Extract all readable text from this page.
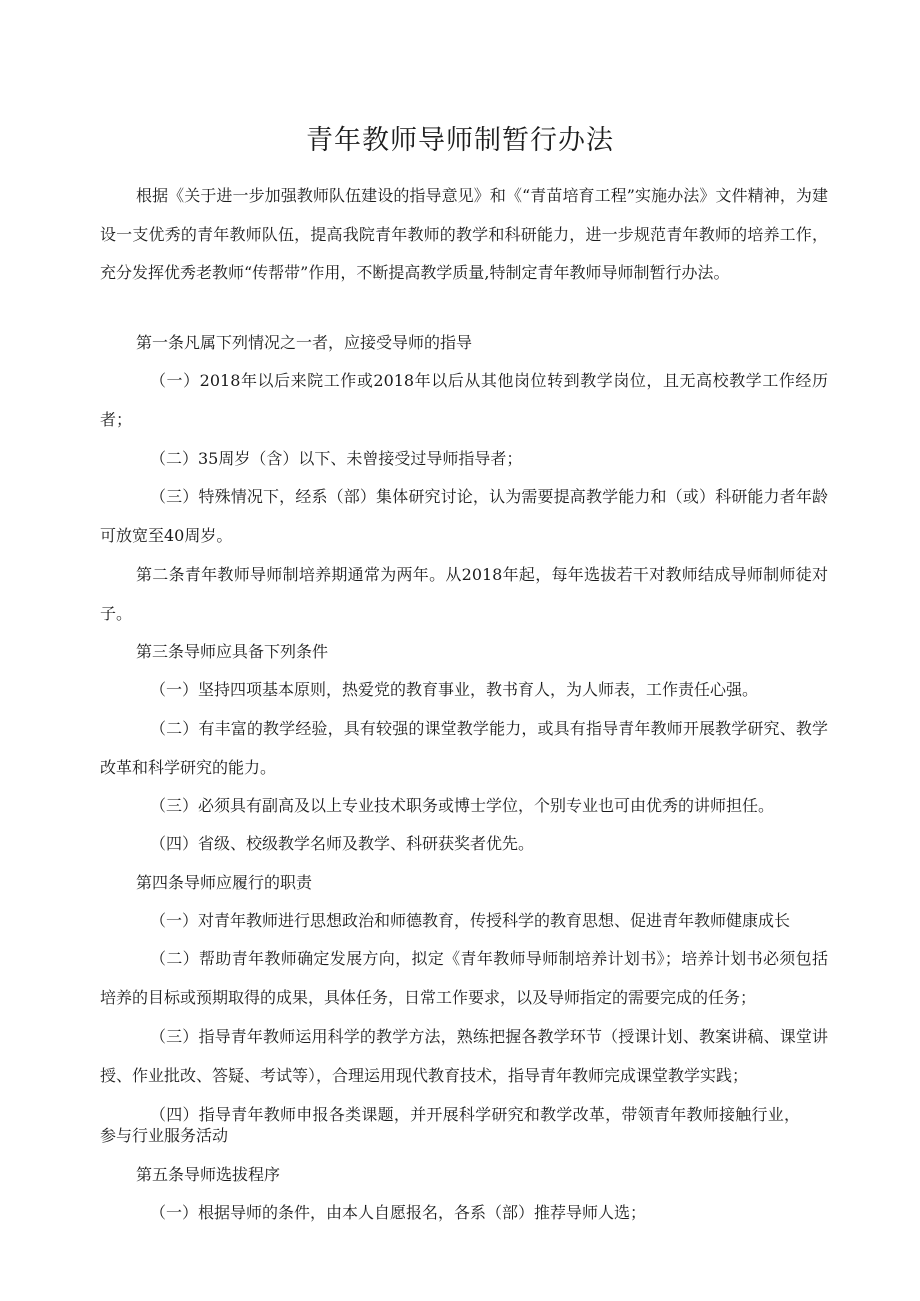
青年教师导师制暂行办法

根据《关于进一步加强教师队伍建设的指导意见》和《“青苗培育工程”实施办法》文件精神，为建设一支优秀的青年教师队伍，提高我院青年教师的教学和科研能力，进一步规范青年教师的培养工作，充分发挥优秀老教师“传帮带”作用，不断提高教学质量,特制定青年教师导师制暂行办法。

第一条凡属下列情况之一者，应接受导师的指导

（一）2018年以后来院工作或2018年以后从其他岗位转到教学岗位，且无高校教学工作经历者；

（二）35周岁（含）以下、未曾接受过导师指导者；

（三）特殊情况下，经系（部）集体研究讨论，认为需要提高教学能力和（或）科研能力者年龄可放宽至40周岁。

第二条青年教师导师制培养期通常为两年。从2018年起，每年选拔若干对教师结成导师制师徒对子。

第三条导师应具备下列条件

（一）坚持四项基本原则，热爱党的教育事业，教书育人，为人师表，工作责任心强。

（二）有丰富的教学经验，具有较强的课堂教学能力，或具有指导青年教师开展教学研究、教学改革和科学研究的能力。

（三）必须具有副高及以上专业技术职务或博士学位，个别专业也可由优秀的讲师担任。

（四）省级、校级教学名师及教学、科研获奖者优先。

第四条导师应履行的职责

（一）对青年教师进行思想政治和师德教育，传授科学的教育思想、促进青年教师健康成长

（二）帮助青年教师确定发展方向，拟定《青年教师导师制培养计划书》；培养计划书必须包括培养的目标或预期取得的成果，具体任务，日常工作要求，以及导师指定的需要完成的任务；

（三）指导青年教师运用科学的教学方法，熟练把握各教学环节（授课计划、教案讲稿、课堂讲授、作业批改、答疑、考试等），合理运用现代教育技术，指导青年教师完成课堂教学实践；

（四）指导青年教师申报各类课题，并开展科学研究和教学改革，带领青年教师接触行业，参与行业服务活动

第五条导师选拔程序

（一）根据导师的条件，由本人自愿报名，各系（部）推荐导师人选；
